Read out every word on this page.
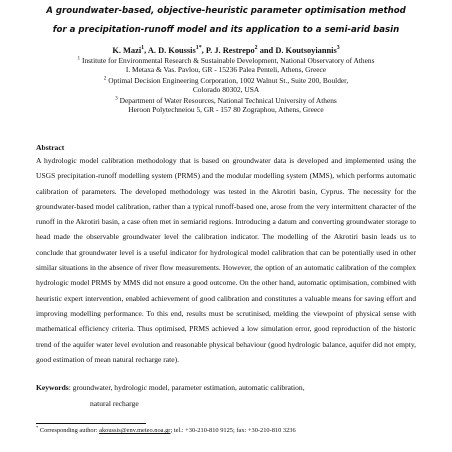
A groundwater-based, objective-heuristic parameter optimisation method
for a precipitation-runoff model and its application to a semi-arid basin
K. Mazi$^1$, A. D. Koussis$^{1*}$, P. J. Restrepo$^2$ and D. Koutsoyiannis$^3$
$^1$ Institute for Environmental Research & Sustainable Development, National Observatory of Athens
I. Metaxa & Vas. Pavlou, GR - 15236 Palea Penteli, Athens, Greece
$^2$ Optimal Decision Engineering Corporation, 1002 Walnut St., Suite 200, Boulder,
Colorado 80302, USA
$^3$ Department of Water Resources, National Technical University of Athens
Heroon Polytechneiou 5, GR - 157 80 Zographou, Athens, Greece
Abstract
A hydrologic model calibration methodology that is based on groundwater data is developed and implemented using the USGS precipitation-runoff modelling system (PRMS) and the modular modelling system (MMS), which performs automatic calibration of parameters. The developed methodology was tested in the Akrotiri basin, Cyprus. The necessity for the groundwater-based model calibration, rather than a typical runoff-based one, arose from the very intermittent character of the runoff in the Akrotiri basin, a case often met in semiarid regions. Introducing a datum and converting groundwater storage to head made the observable groundwater level the calibration indicator. The modelling of the Akrotiri basin leads us to conclude that groundwater level is a useful indicator for hydrological model calibration that can be potentially used in other similar situations in the absence of river flow measurements. However, the option of an automatic calibration of the complex hydrologic model PRMS by MMS did not ensure a good outcome. On the other hand, automatic optimisation, combined with heuristic expert intervention, enabled achievement of good calibration and constitutes a valuable means for saving effort and improving modelling performance. To this end, results must be scrutinised, melding the viewpoint of physical sense with mathematical efficiency criteria. Thus optimised, PRMS achieved a low simulation error, good reproduction of the historic trend of the aquifer water level evolution and reasonable physical behaviour (good hydrologic balance, aquifer did not empty, good estimation of mean natural recharge rate).
Keywords: groundwater, hydrologic model, parameter estimation, automatic calibration,
natural recharge
* Corresponding author: akoussis@env.meteo.noa.gr; tel.: +30-210-810 9125; fax: +30-210-810 3236
